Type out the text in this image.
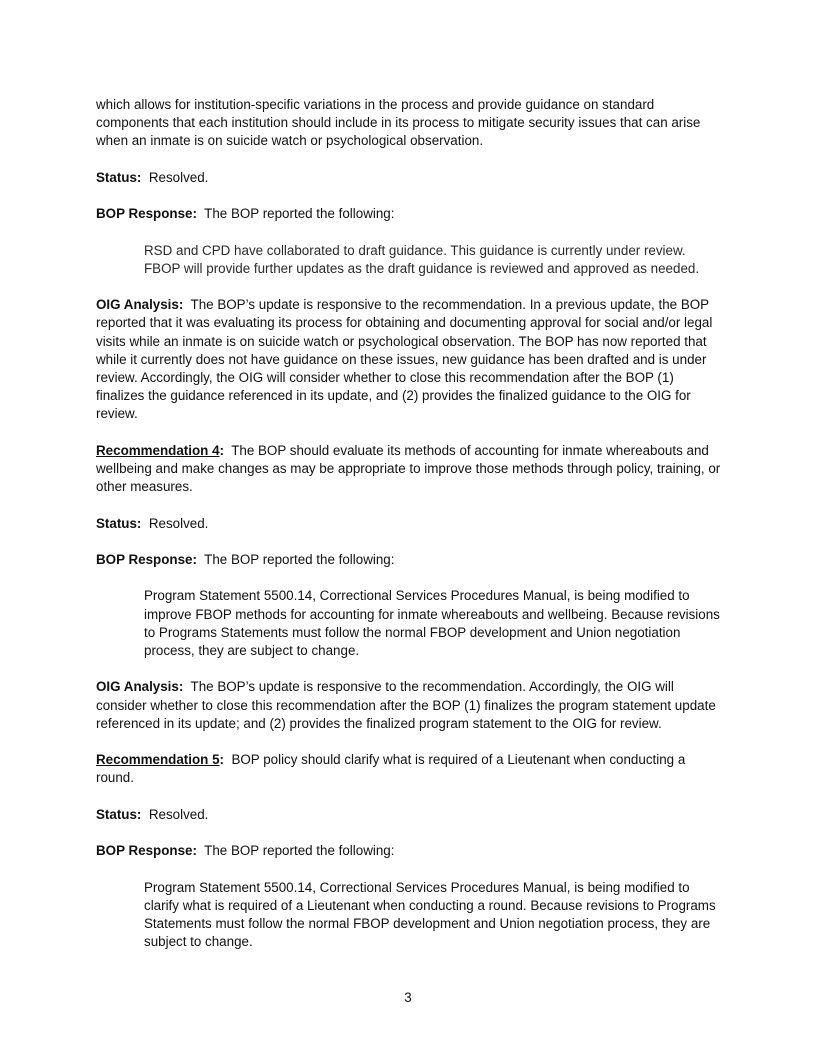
which allows for institution-specific variations in the process and provide guidance on standard components that each institution should include in its process to mitigate security issues that can arise when an inmate is on suicide watch or psychological observation.

Status: Resolved.

BOP Response: The BOP reported the following:

RSD and CPD have collaborated to draft guidance. This guidance is currently under review. FBOP will provide further updates as the draft guidance is reviewed and approved as needed.

OIG Analysis: The BOP’s update is responsive to the recommendation. In a previous update, the BOP reported that it was evaluating its process for obtaining and documenting approval for social and/or legal visits while an inmate is on suicide watch or psychological observation. The BOP has now reported that while it currently does not have guidance on these issues, new guidance has been drafted and is under review. Accordingly, the OIG will consider whether to close this recommendation after the BOP (1) finalizes the guidance referenced in its update, and (2) provides the finalized guidance to the OIG for review.

Recommendation 4: The BOP should evaluate its methods of accounting for inmate whereabouts and wellbeing and make changes as may be appropriate to improve those methods through policy, training, or other measures.

Status: Resolved.

BOP Response: The BOP reported the following:

Program Statement 5500.14, Correctional Services Procedures Manual, is being modified to improve FBOP methods for accounting for inmate whereabouts and wellbeing. Because revisions to Programs Statements must follow the normal FBOP development and Union negotiation process, they are subject to change.

OIG Analysis: The BOP’s update is responsive to the recommendation. Accordingly, the OIG will consider whether to close this recommendation after the BOP (1) finalizes the program statement update referenced in its update; and (2) provides the finalized program statement to the OIG for review.

Recommendation 5: BOP policy should clarify what is required of a Lieutenant when conducting a round.

Status: Resolved.

BOP Response: The BOP reported the following:

Program Statement 5500.14, Correctional Services Procedures Manual, is being modified to clarify what is required of a Lieutenant when conducting a round. Because revisions to Programs Statements must follow the normal FBOP development and Union negotiation process, they are subject to change.

3
